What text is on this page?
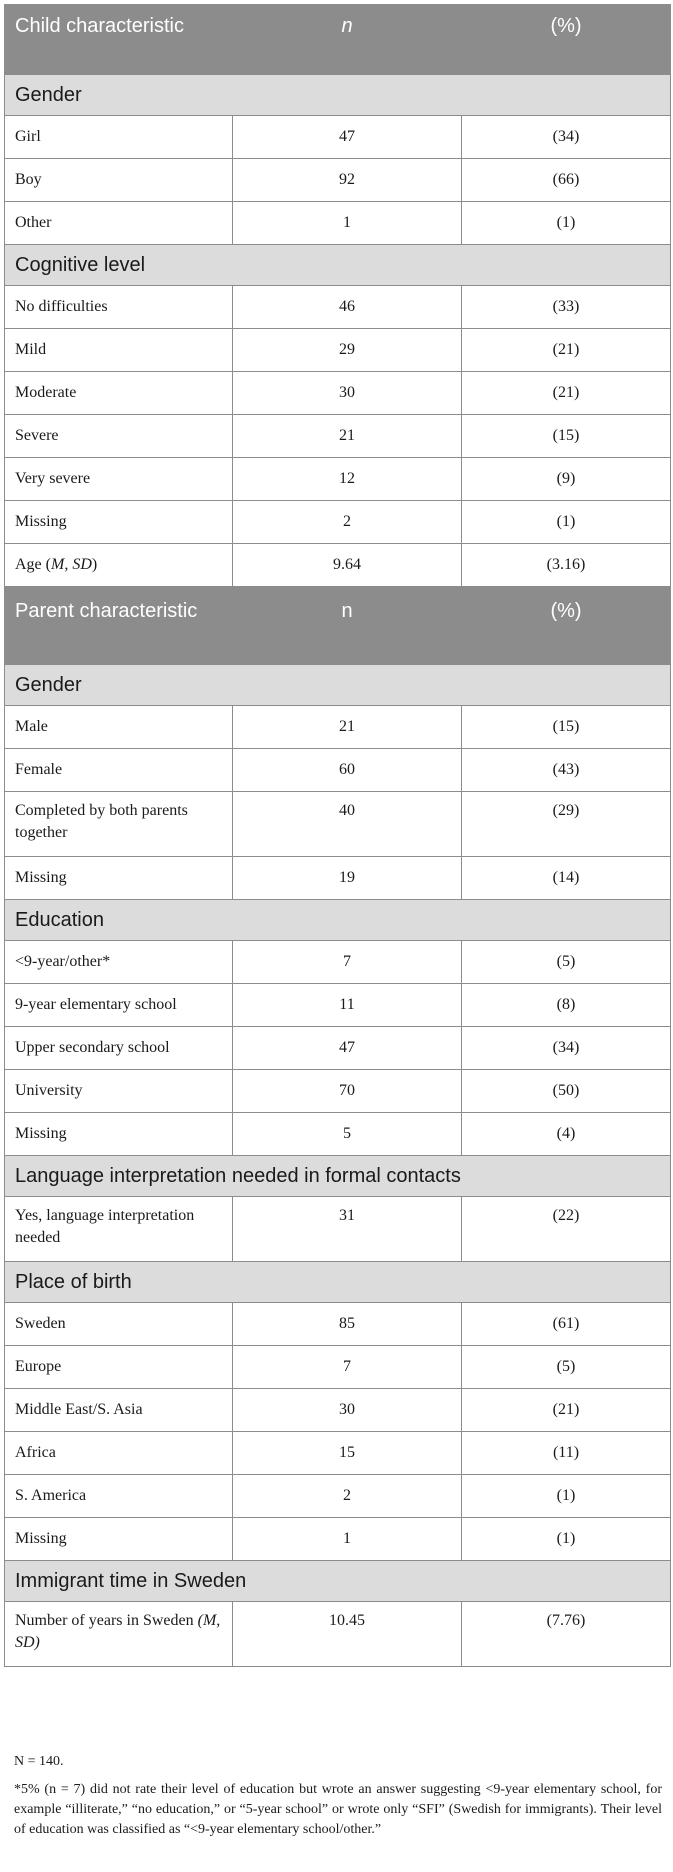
Child characteristic	n	(%)
Gender		
Girl	47	(34)
Boy	92	(66)
Other	1	(1)
Cognitive level		
No difficulties	46	(33)
Mild	29	(21)
Moderate	30	(21)
Severe	21	(15)
Very severe	12	(9)
Missing	2	(1)
Age (M, SD)	9.64	(3.16)
Parent characteristic	n	(%)
Gender		
Male	21	(15)
Female	60	(43)
Completed by both parents together	40	(29)
Missing	19	(14)
Education		
<9-year/other*	7	(5)
9-year elementary school	11	(8)
Upper secondary school	47	(34)
University	70	(50)
Missing	5	(4)
Language interpretation needed in formal contacts		
Yes, language interpretation needed	31	(22)
Place of birth		
Sweden	85	(61)
Europe	7	(5)
Middle East/S. Asia	30	(21)
Africa	15	(11)
S. America	2	(1)
Missing	1	(1)
Immigrant time in Sweden		
Number of years in Sweden (M, SD)	10.45	(7.76)

N = 140.

*5% (n = 7) did not rate their level of education but wrote an answer suggesting <9-year elementary school, for example “illiterate,” “no education,” or “5-year school” or wrote only “SFI” (Swedish for immigrants). Their level of education was classified as “<9-year elementary school/other.”
